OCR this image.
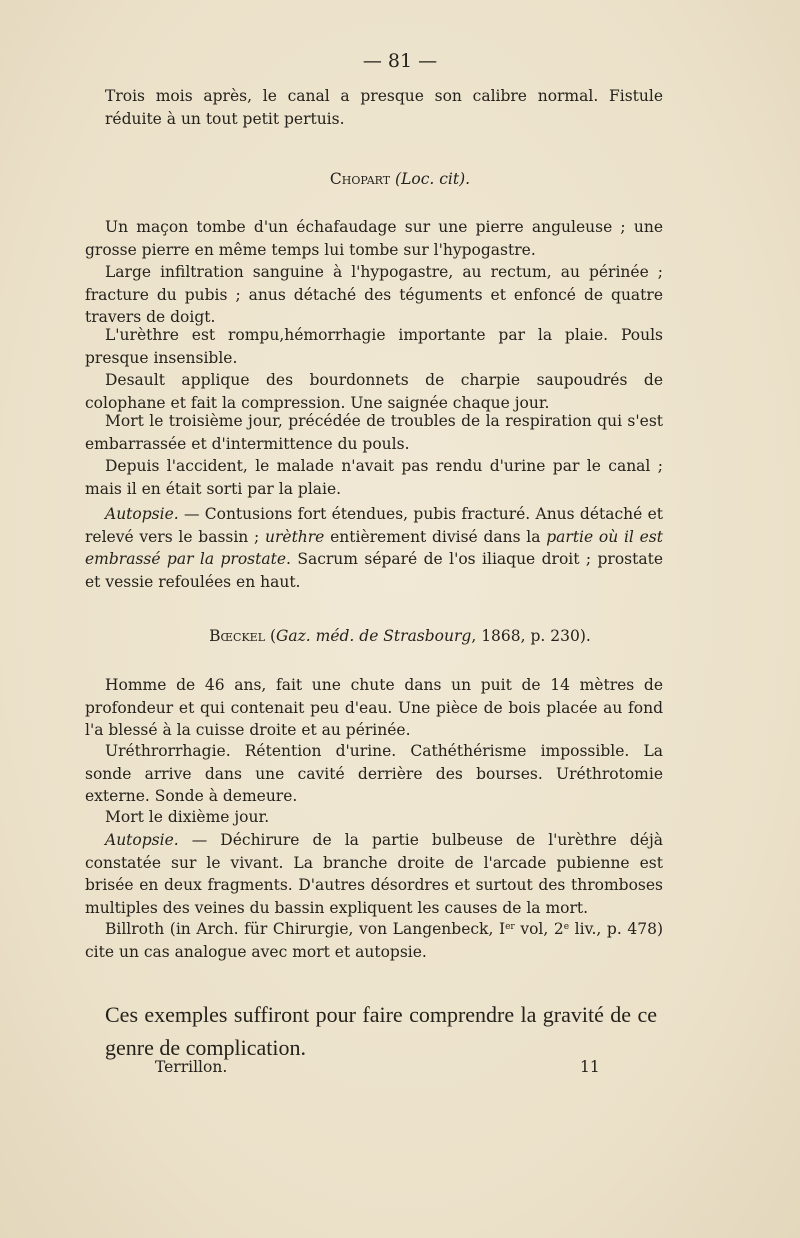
— 81 —
Trois mois après, le canal a presque son calibre normal. Fistule réduite à un tout petit pertuis.
Chopart (Loc. cit).
Un maçon tombe d'un échafaudage sur une pierre anguleuse ; une grosse pierre en même temps lui tombe sur l'hypogastre.
Large infiltration sanguine à l'hypogastre, au rectum, au périnée ; fracture du pubis ; anus détaché des téguments et enfoncé de quatre travers de doigt.
L'urèthre est rompu,hémorrhagie importante par la plaie. Pouls presque insensible.
Desault applique des bourdonnets de charpie saupoudrés de colophane et fait la compression. Une saignée chaque jour.
Mort le troisième jour, précédée de troubles de la respiration qui s'est embarrassée et d'intermittence du pouls.
Depuis l'accident, le malade n'avait pas rendu d'urine par le canal ; mais il en était sorti par la plaie.
Autopsie. — Contusions fort étendues, pubis fracturé. Anus détaché et relevé vers le bassin ; urèthre entièrement divisé dans la partie où il est embrassé par la prostate. Sacrum séparé de l'os iliaque droit ; prostate et vessie refoulées en haut.
Bœckel (Gaz. méd. de Strasbourg, 1868, p. 230).
Homme de 46 ans, fait une chute dans un puit de 14 mètres de profondeur et qui contenait peu d'eau. Une pièce de bois placée au fond l'a blessé à la cuisse droite et au périnée.
Uréthrorrhagie. Rétention d'urine. Cathéthérisme impossible. La sonde arrive dans une cavité derrière des bourses. Uréthrotomie externe. Sonde à demeure.
Mort le dixième jour.
Autopsie. — Déchirure de la partie bulbeuse de l'urèthre déjà constatée sur le vivant. La branche droite de l'arcade pubienne est brisée en deux fragments. D'autres désordres et surtout des thromboses multiples des veines du bassin expliquent les causes de la mort.
Billroth (in Arch. für Chirurgie, von Langenbeck, Ier vol, 2e liv., p. 478) cite un cas analogue avec mort et autopsie.
Ces exemples suffiront pour faire comprendre la gravité de ce genre de complication.
Terrillon.	11
